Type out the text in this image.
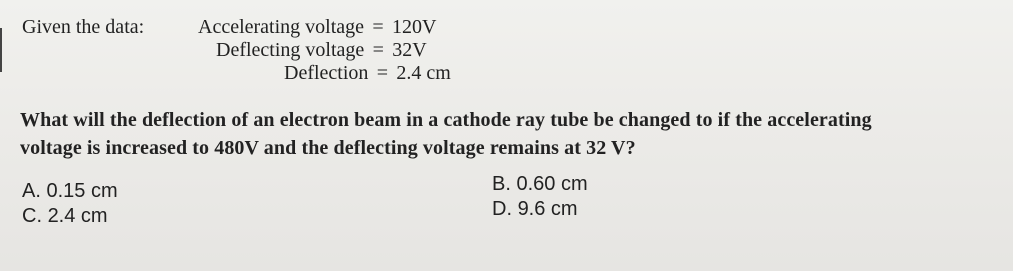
Given the data:	Accelerating voltage = 120V
Deflecting voltage = 32V
Deflection = 2.4 cm
What will the deflection of an electron beam in a cathode ray tube be changed to if the accelerating
voltage is increased to 480V and the deflecting voltage remains at 32 V?
A. 0.15 cm	B. 0.60 cm
C. 2.4 cm	D. 9.6 cm
